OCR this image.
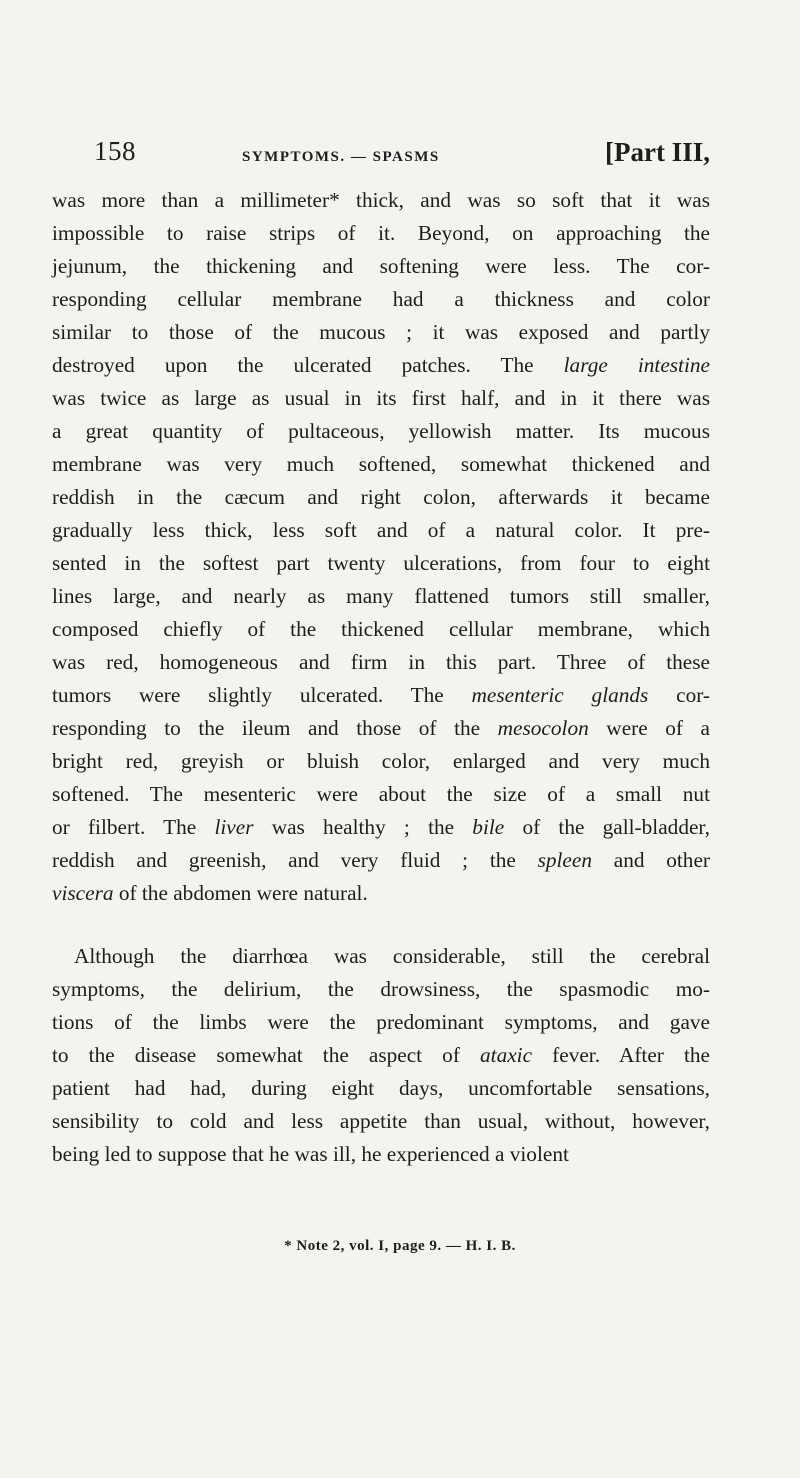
158	SYMPTOMS. — SPASMS	[Part III,
was more than a millimeter* thick, and was so soft that it was
impossible to raise strips of it. Beyond, on approaching the
jejunum, the thickening and softening were less. The cor-
responding cellular membrane had a thickness and color
similar to those of the mucous ; it was exposed and partly
destroyed upon the ulcerated patches. The large intestine
was twice as large as usual in its first half, and in it there was
a great quantity of pultaceous, yellowish matter. Its mucous
membrane was very much softened, somewhat thickened and
reddish in the cæcum and right colon, afterwards it became
gradually less thick, less soft and of a natural color. It pre-
sented in the softest part twenty ulcerations, from four to eight
lines large, and nearly as many flattened tumors still smaller,
composed chiefly of the thickened cellular membrane, which
was red, homogeneous and firm in this part. Three of these
tumors were slightly ulcerated. The mesenteric glands cor-
responding to the ileum and those of the mesocolon were of a
bright red, greyish or bluish color, enlarged and very much
softened. The mesenteric were about the size of a small nut
or filbert. The liver was healthy ; the bile of the gall-bladder,
reddish and greenish, and very fluid ; the spleen and other
viscera of the abdomen were natural.
Although the diarrhœa was considerable, still the cerebral
symptoms, the delirium, the drowsiness, the spasmodic mo-
tions of the limbs were the predominant symptoms, and gave
to the disease somewhat the aspect of ataxic fever. After the
patient had had, during eight days, uncomfortable sensations,
sensibility to cold and less appetite than usual, without, however,
being led to suppose that he was ill, he experienced a violent
* Note 2, vol. I, page 9. — H. I. B.
